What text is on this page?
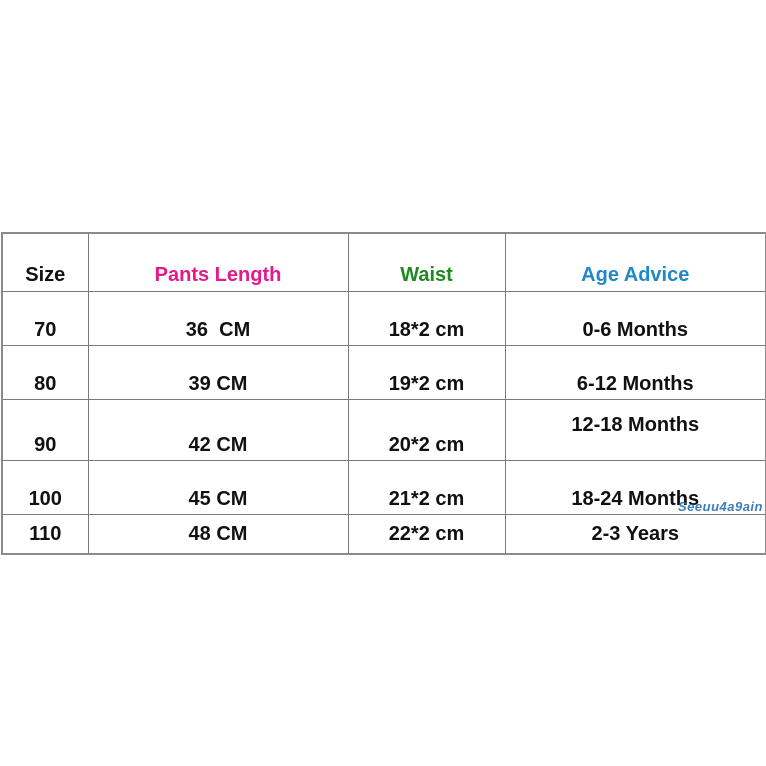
Size	Pants Length	Waist	Age Advice
70	36  CM	18*2 cm	0-6 Months
80	39 CM	19*2 cm	6-12 Months
90	42 CM	20*2 cm	12-18 Months
100	45 CM	21*2 cm	18-24 Months
Seeuu4a9ain

110	48 CM	22*2 cm	2-3 Years
